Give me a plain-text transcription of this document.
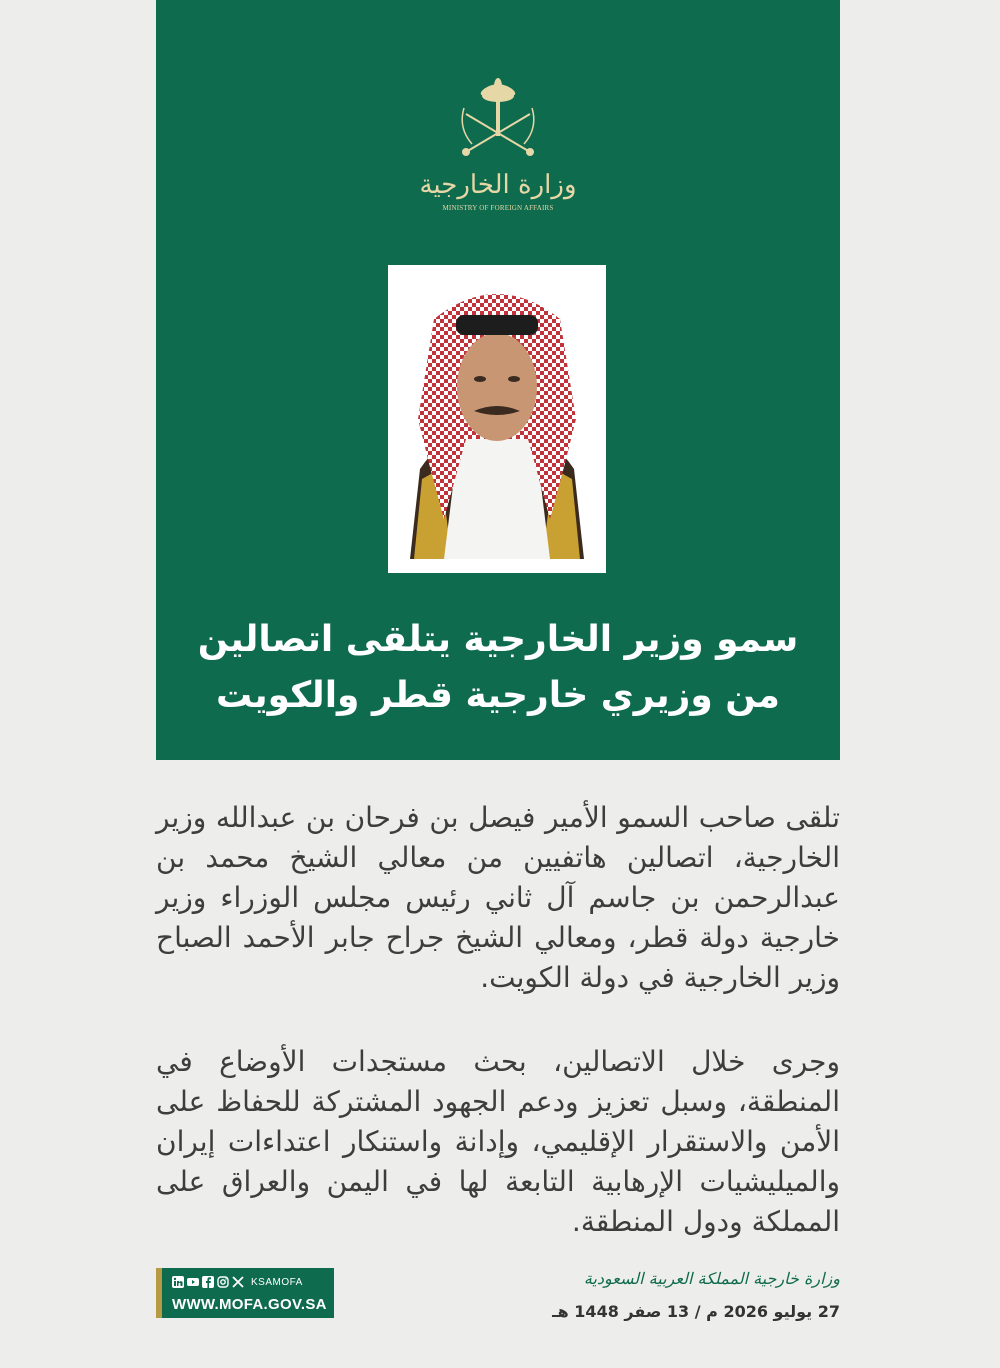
وزارة الخارجية
MINISTRY OF FOREIGN AFFAIRS
سمو وزير الخارجية يتلقى اتصالين من وزيري خارجية قطر والكويت

تلقى صاحب السمو الأمير فيصل بن فرحان بن عبدالله وزير الخارجية، اتصالين هاتفيين من معالي الشيخ محمد بن عبدالرحمن بن جاسم آل ثاني رئيس مجلس الوزراء وزير خارجية دولة قطر، ومعالي الشيخ جراح جابر الأحمد الصباح وزير الخارجية في دولة الكويت.

وجرى خلال الاتصالين، بحث مستجدات الأوضاع في المنطقة، وسبل تعزيز ودعم الجهود المشتركة للحفاظ على الأمن والاستقرار الإقليمي، وإدانة واستنكار اعتداءات إيران والميليشيات الإرهابية التابعة لها في اليمن والعراق على المملكة ودول المنطقة.

KSAMOFA
WWW.MOFA.GOV.SA
وزارة خارجية المملكة العربية السعودية
27 يوليو 2026 م / 13 صفر 1448 هـ
